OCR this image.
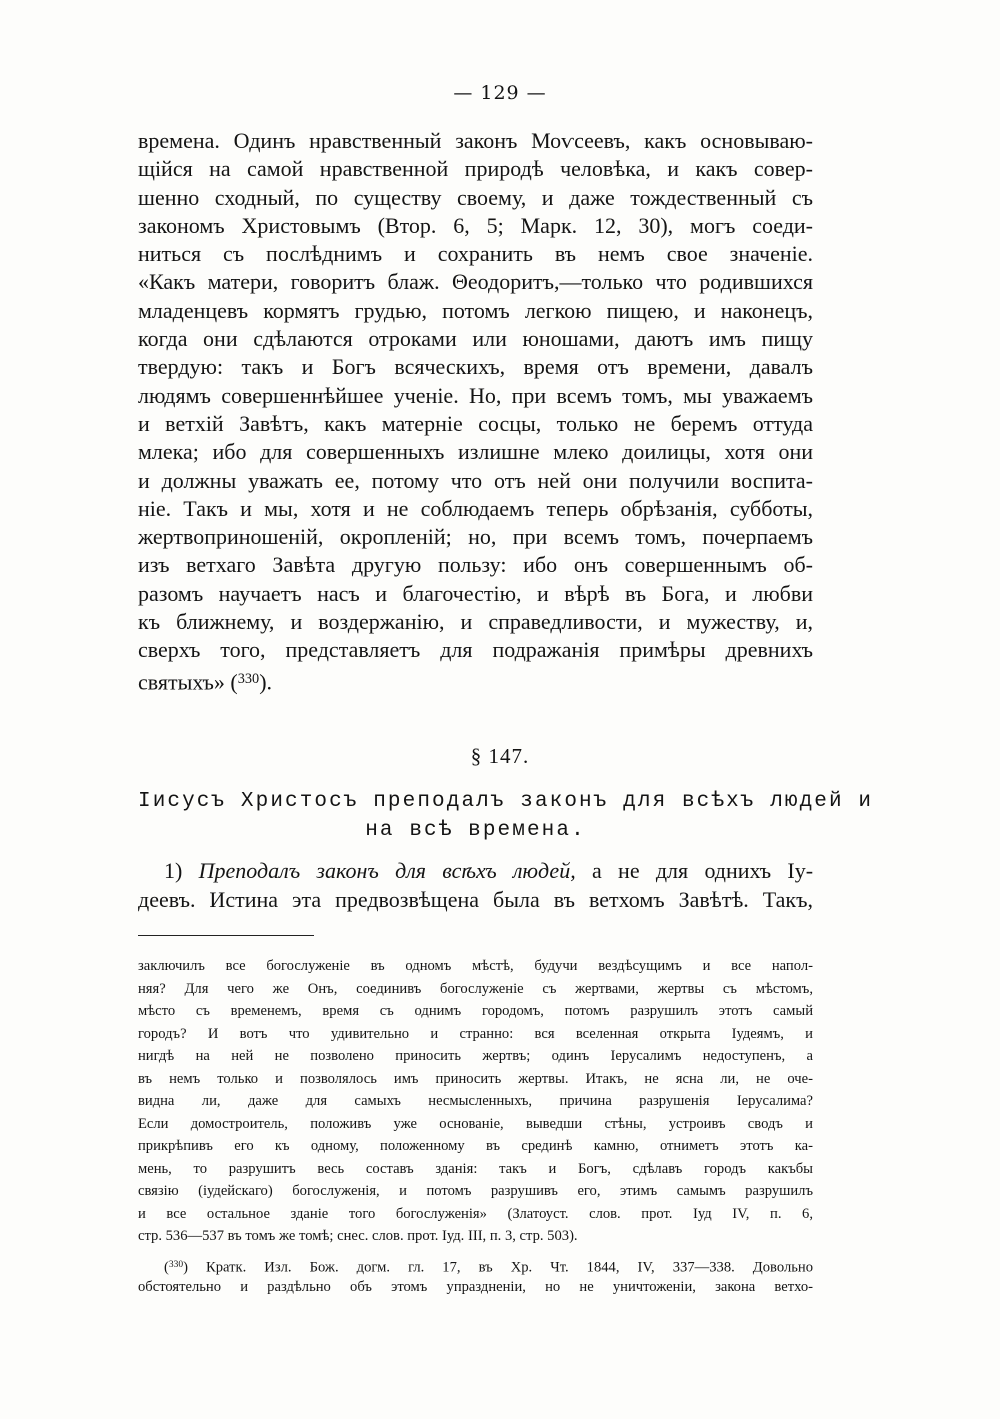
— 129 —
времена. Одинъ нравственный законъ Моѵсеевъ, какъ основываю-
щійся на самой нравственной природѣ человѣка, и какъ совер-
шенно сходный, по существу своему, и даже тождественный съ
закономъ Христовымъ (Втор. 6, 5; Марк. 12, 30), могъ соеди-
ниться съ послѣднимъ и сохранить въ немъ свое значеніе.
«Какъ матери, говоритъ блаж. Θеодоритъ,—только что родившихся
младенцевъ кормятъ грудью, потомъ легкою пищею, и наконецъ,
когда они сдѣлаются отроками или юношами, даютъ имъ пищу
твердую: такъ и Богъ всяческихъ, время отъ времени, давалъ
людямъ совершеннѣйшее ученіе. Но, при всемъ томъ, мы уважаемъ
и ветхій Завѣтъ, какъ матерніе сосцы, только не беремъ оттуда
млека; ибо для совершенныхъ излишне млеко доилицы, хотя они
и должны уважать ее, потому что отъ ней они получили воспита-
ніе. Такъ и мы, хотя и не соблюдаемъ теперь обрѣзанія, субботы,
жертвоприношеній, окропленій; но, при всемъ томъ, почерпаемъ
изъ ветхаго Завѣта другую пользу: ибо онъ совершеннымъ об-
разомъ научаетъ насъ и благочестію, и вѣрѣ въ Бога, и любви
къ ближнему, и воздержанію, и справедливости, и мужеству, и,
сверхъ того, представляетъ для подражанія примѣры древнихъ
святыхъ» ($^{330}$).
§ 147.
Іисусъ Христосъ преподалъ законъ для всѣхъ людей и
на всѣ времена.
1) Преподалъ законъ для всѣхъ людей, а не для однихъ Іу-
деевъ. Истина эта предвозвѣщена была въ ветхомъ Завѣтѣ. Такъ,
заключилъ все богослуженіе въ одномъ мѣстѣ, будучи вездѣсущимъ и все напол-
няя? Для чего же Онъ, соединивъ богослуженіе съ жертвами, жертвы съ мѣстомъ,
мѣсто съ временемъ, время съ однимъ городомъ, потомъ разрушилъ этотъ самый
городъ? И вотъ что удивительно и странно: вся вселенная открыта Іудеямъ, и
нигдѣ на ней не позволено приносить жертвъ; одинъ Іерусалимъ недоступенъ, а
въ немъ только и позволялось имъ приносить жертвы. Итакъ, не ясна ли, не оче-
видна ли, даже для самыхъ несмысленныхъ, причина разрушенія Іерусалима?
Если домостроитель, положивъ уже основаніе, выведши стѣны, устроивъ сводъ и
прикрѣпивъ его къ одному, положенному въ срединѣ камню, отниметъ этотъ ка-
мень, то разрушитъ весь составъ зданія: такъ и Богъ, сдѣлавъ городъ какъбы
связію (іудейскаго) богослуженія, и потомъ разрушивъ его, этимъ самымъ разрушилъ
и все остальное зданіе того богослуженія» (Златоуст. слов. прот. Іуд IV, п. 6,
стр. 536—537 въ томъ же томѣ; снес. слов. прот. Іуд. III, п. 3, стр. 503).
($^{330}$) Кратк. Изл. Бож. догм. гл. 17, въ Хр. Чт. 1844, IV, 337—338. Довольно
обстоятельно и раздѣльно объ этомъ упраздненіи, но не уничтоженіи, закона ветхо-
